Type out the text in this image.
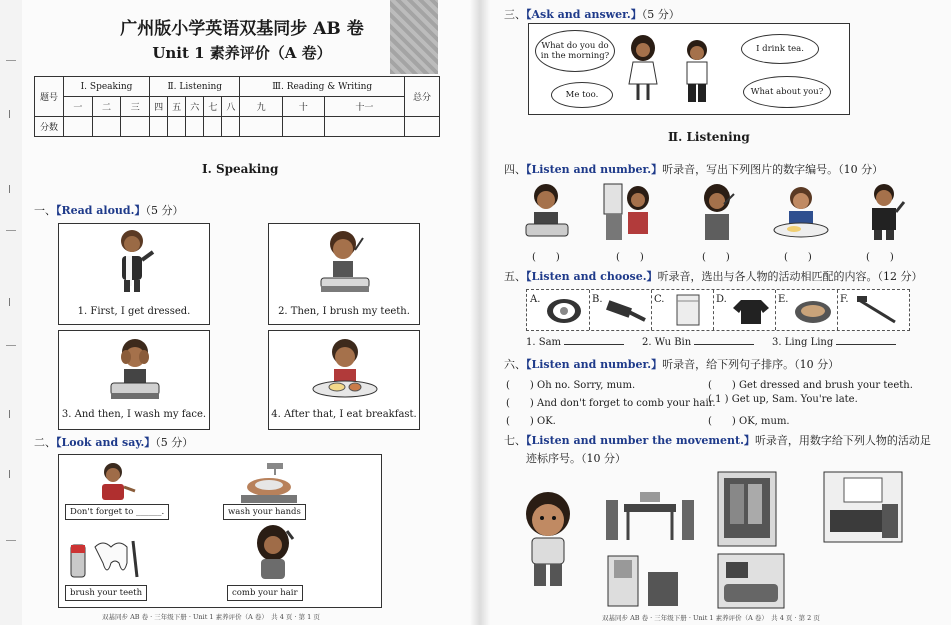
广州版小学英语双基同步 AB 卷
Unit 1 素养评价（A 卷）
题号	Ⅰ. Speaking			Ⅱ. Listening					Ⅲ. Reading & Writing			总分
	一	二	三	四	五	六	七	八	九	十	十一	
分数												
Ⅰ. Speaking
一、【Read aloud.】（5 分）
1. First, I get dressed.	2. Then, I brush my teeth.
3. And then, I wash my face.	4. After that, I eat breakfast.
二、【Look and say.】（5 分）
Don't forget to ______.	wash your hands
brush your teeth	comb your hair
双基同步 AB 卷 · 三年级下册 · Unit 1 素养评价（A 卷）　共 4 页 · 第 1 页
三、【Ask and answer.】（5 分）
What do you do in the morning?
I drink tea.
Me too.	What about you?
Ⅱ. Listening
四、【Listen and number.】听录音，写出下列图片的数字编号。（10 分）
(　　)	(　　)	(　　)	(　　)	(　　)
五、【Listen and choose.】听录音，选出与各人物的活动相匹配的内容。（12 分）
A.	B.	C.	D.	E.	F.
1. Sam	2. Wu Bin	3. Ling Ling
六、【Listen and number.】听录音，给下列句子排序。（10 分）
(　　) Oh no. Sorry, mum.
(　　) And don't forget to comb your hair.
(　　) OK.
(　　) Get dressed and brush your teeth.
( 1 ) Get up, Sam. You're late.
(　　) OK, mum.
七、【Listen and number the movement.】听录音，用数字给下列人物的活动足
迹标序号。（10 分）
双基同步 AB 卷 · 三年级下册 · Unit 1 素养评价（A 卷）　共 4 页 · 第 2 页
